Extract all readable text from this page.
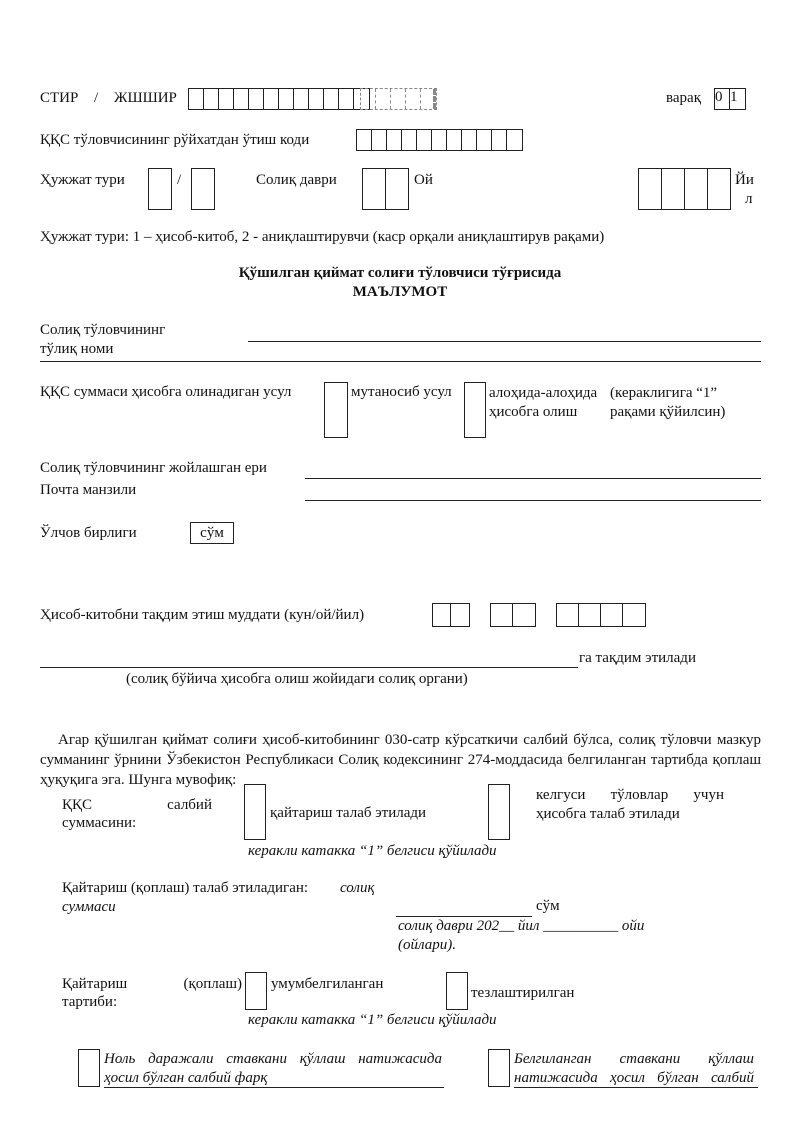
СТИР / ЖШШИР	варақ 0 1
ҚҚС тўловчисининг рўйхатдан ўтиш коди
Ҳужжат тури	/	Солиқ даври	Ой	Йи
л
Ҳужжат тури: 1 – ҳисоб-китоб, 2 - аниқлаштирувчи (каср орқали аниқлаштирув рақами)
Қўшилган қиймат солиғи тўловчиси тўғрисида
МАЪЛУМОТ
Солиқ тўловчининг
тўлиқ номи
ҚҚС суммаси ҳисобга олинадиган усул	мутаносиб усул алоҳида-алоҳида ҳисобга олиш
(кераклигига “1” рақами қўйилсин)
Солиқ тўловчининг жойлашган ери
Почта манзили
Ўлчов бирлиги	сўм
Ҳисоб-китобни тақдим этиш муддати (кун/ой/йил)
га тақдим этилади
(солиқ бўйича ҳисобга олиш жойидаги солиқ органи)
Агар қўшилган қиймат солиғи ҳисоб-китобининг 030-сатр кўрсаткичи салбий бўлса, солиқ тўловчи мазкур сумманинг ўрнини Ўзбекистон Республикаси Солиқ кодексининг 274-моддасида белгиланган тартибда қоплаш ҳуқуқига эга. Шунга мувофиқ:
ҚҚС салбий
суммасини:
қайтариш талаб этилади
келгуси тўловлар учун ҳисобга талаб этилади
керакли катакка “1” белгиси қўйилади
Қайтариш (қоплаш) талаб этиладиган: солиқ
суммаси	сўм
солиқ даври 202__ йил __________ ойи (ойлари).
Қайтариш (қоплаш)
тартиби:
умумбелгиланган
тезлаштирилган
керакли катакка “1” белгиси қўйилади
Ноль даражали ставкани қўллаш натижасида ҳосил бўлган салбий фарқ
Белгиланган ставкани қўллаш натижасида ҳосил бўлган салбий
